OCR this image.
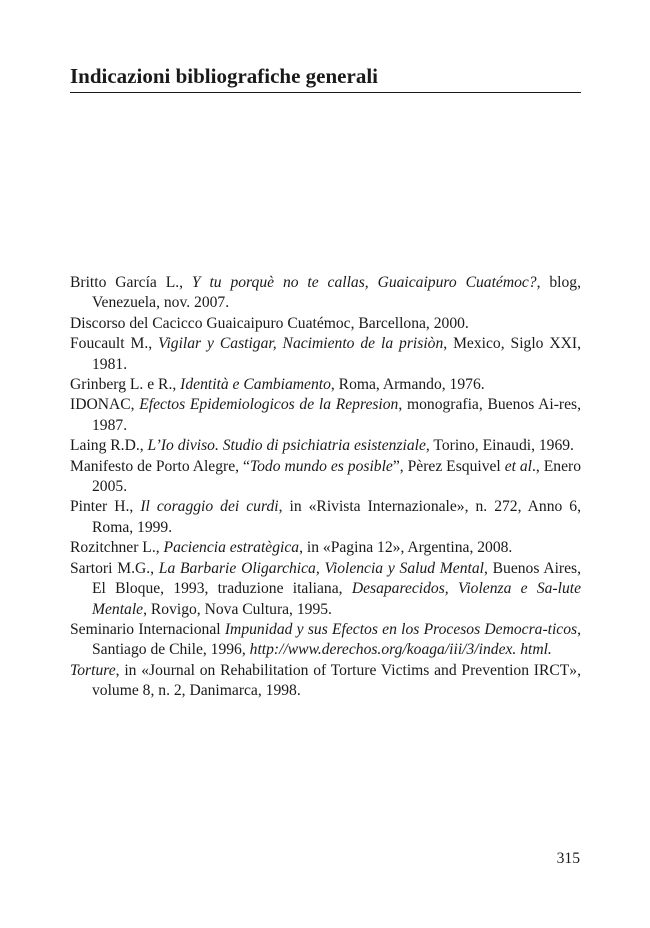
Indicazioni bibliografiche generali
Britto García L., Y tu porquè no te callas, Guaicaipuro Cuatémoc?, blog, Venezuela, nov. 2007.
Discorso del Cacicco Guaicaipuro Cuatémoc, Barcellona, 2000.
Foucault M., Vigilar y Castigar, Nacimiento de la prisiòn, Mexico, Siglo XXI, 1981.
Grinberg L. e R., Identità e Cambiamento, Roma, Armando, 1976.
IDONAC, Efectos Epidemiologicos de la Represion, monografia, Buenos Ai-res, 1987.
Laing R.D., L’Io diviso. Studio di psichiatria esistenziale, Torino, Einaudi, 1969.
Manifesto de Porto Alegre, “Todo mundo es posible”, Pèrez Esquivel et al., Enero 2005.
Pinter H., Il coraggio dei curdi, in «Rivista Internazionale», n. 272, Anno 6, Roma, 1999.
Rozitchner L., Paciencia estratègica, in «Pagina 12», Argentina, 2008.
Sartori M.G., La Barbarie Oligarchica, Violencia y Salud Mental, Buenos Aires, El Bloque, 1993, traduzione italiana, Desaparecidos, Violenza e Sa-lute Mentale, Rovigo, Nova Cultura, 1995.
Seminario Internacional Impunidad y sus Efectos en los Procesos Democra-ticos, Santiago de Chile, 1996, http://www.derechos.org/koaga/iii/3/index. html.
Torture, in «Journal on Rehabilitation of Torture Victims and Prevention IRCT», volume 8, n. 2, Danimarca, 1998.

315
